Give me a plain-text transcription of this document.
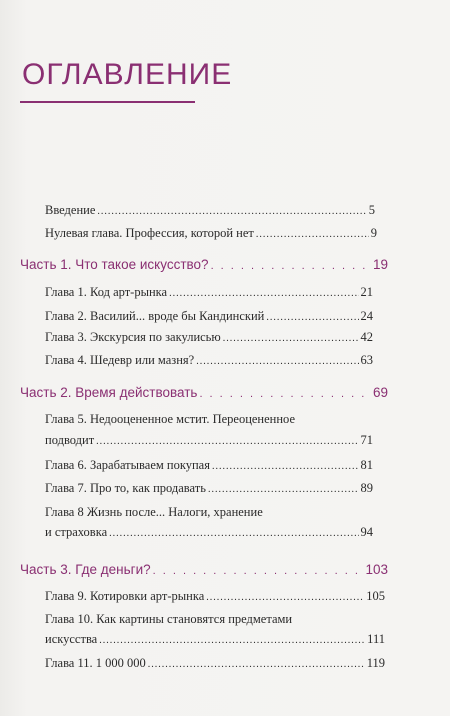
ОГЛАВЛЕНИЕ
Введение .....	5
Нулевая глава. Профессия, которой нет .....	9
Часть 1. Что такое искусство? . . .	19
Глава 1. Код арт-рынка .....	21
Глава 2. Василий... вроде бы Кандинский .....	24
Глава 3. Экскурсия по закулисью .....	42
Глава 4. Шедевр или мазня? .....	63
Часть 2. Время действовать . . .	69
Глава 5. Недооцененное мстит. Переоцененное
подводит .....	71
Глава 6. Зарабатываем покупая .....	81
Глава 7. Про то, как продавать .....	89
Глава 8 Жизнь после... Налоги, хранение
и страховка .....	94
Часть 3. Где деньги? . . .	103
Глава 9. Котировки арт-рынка .....	105
Глава 10. Как картины становятся предметами
искусства .....	111
Глава 11. 1 000 000 .....	119
